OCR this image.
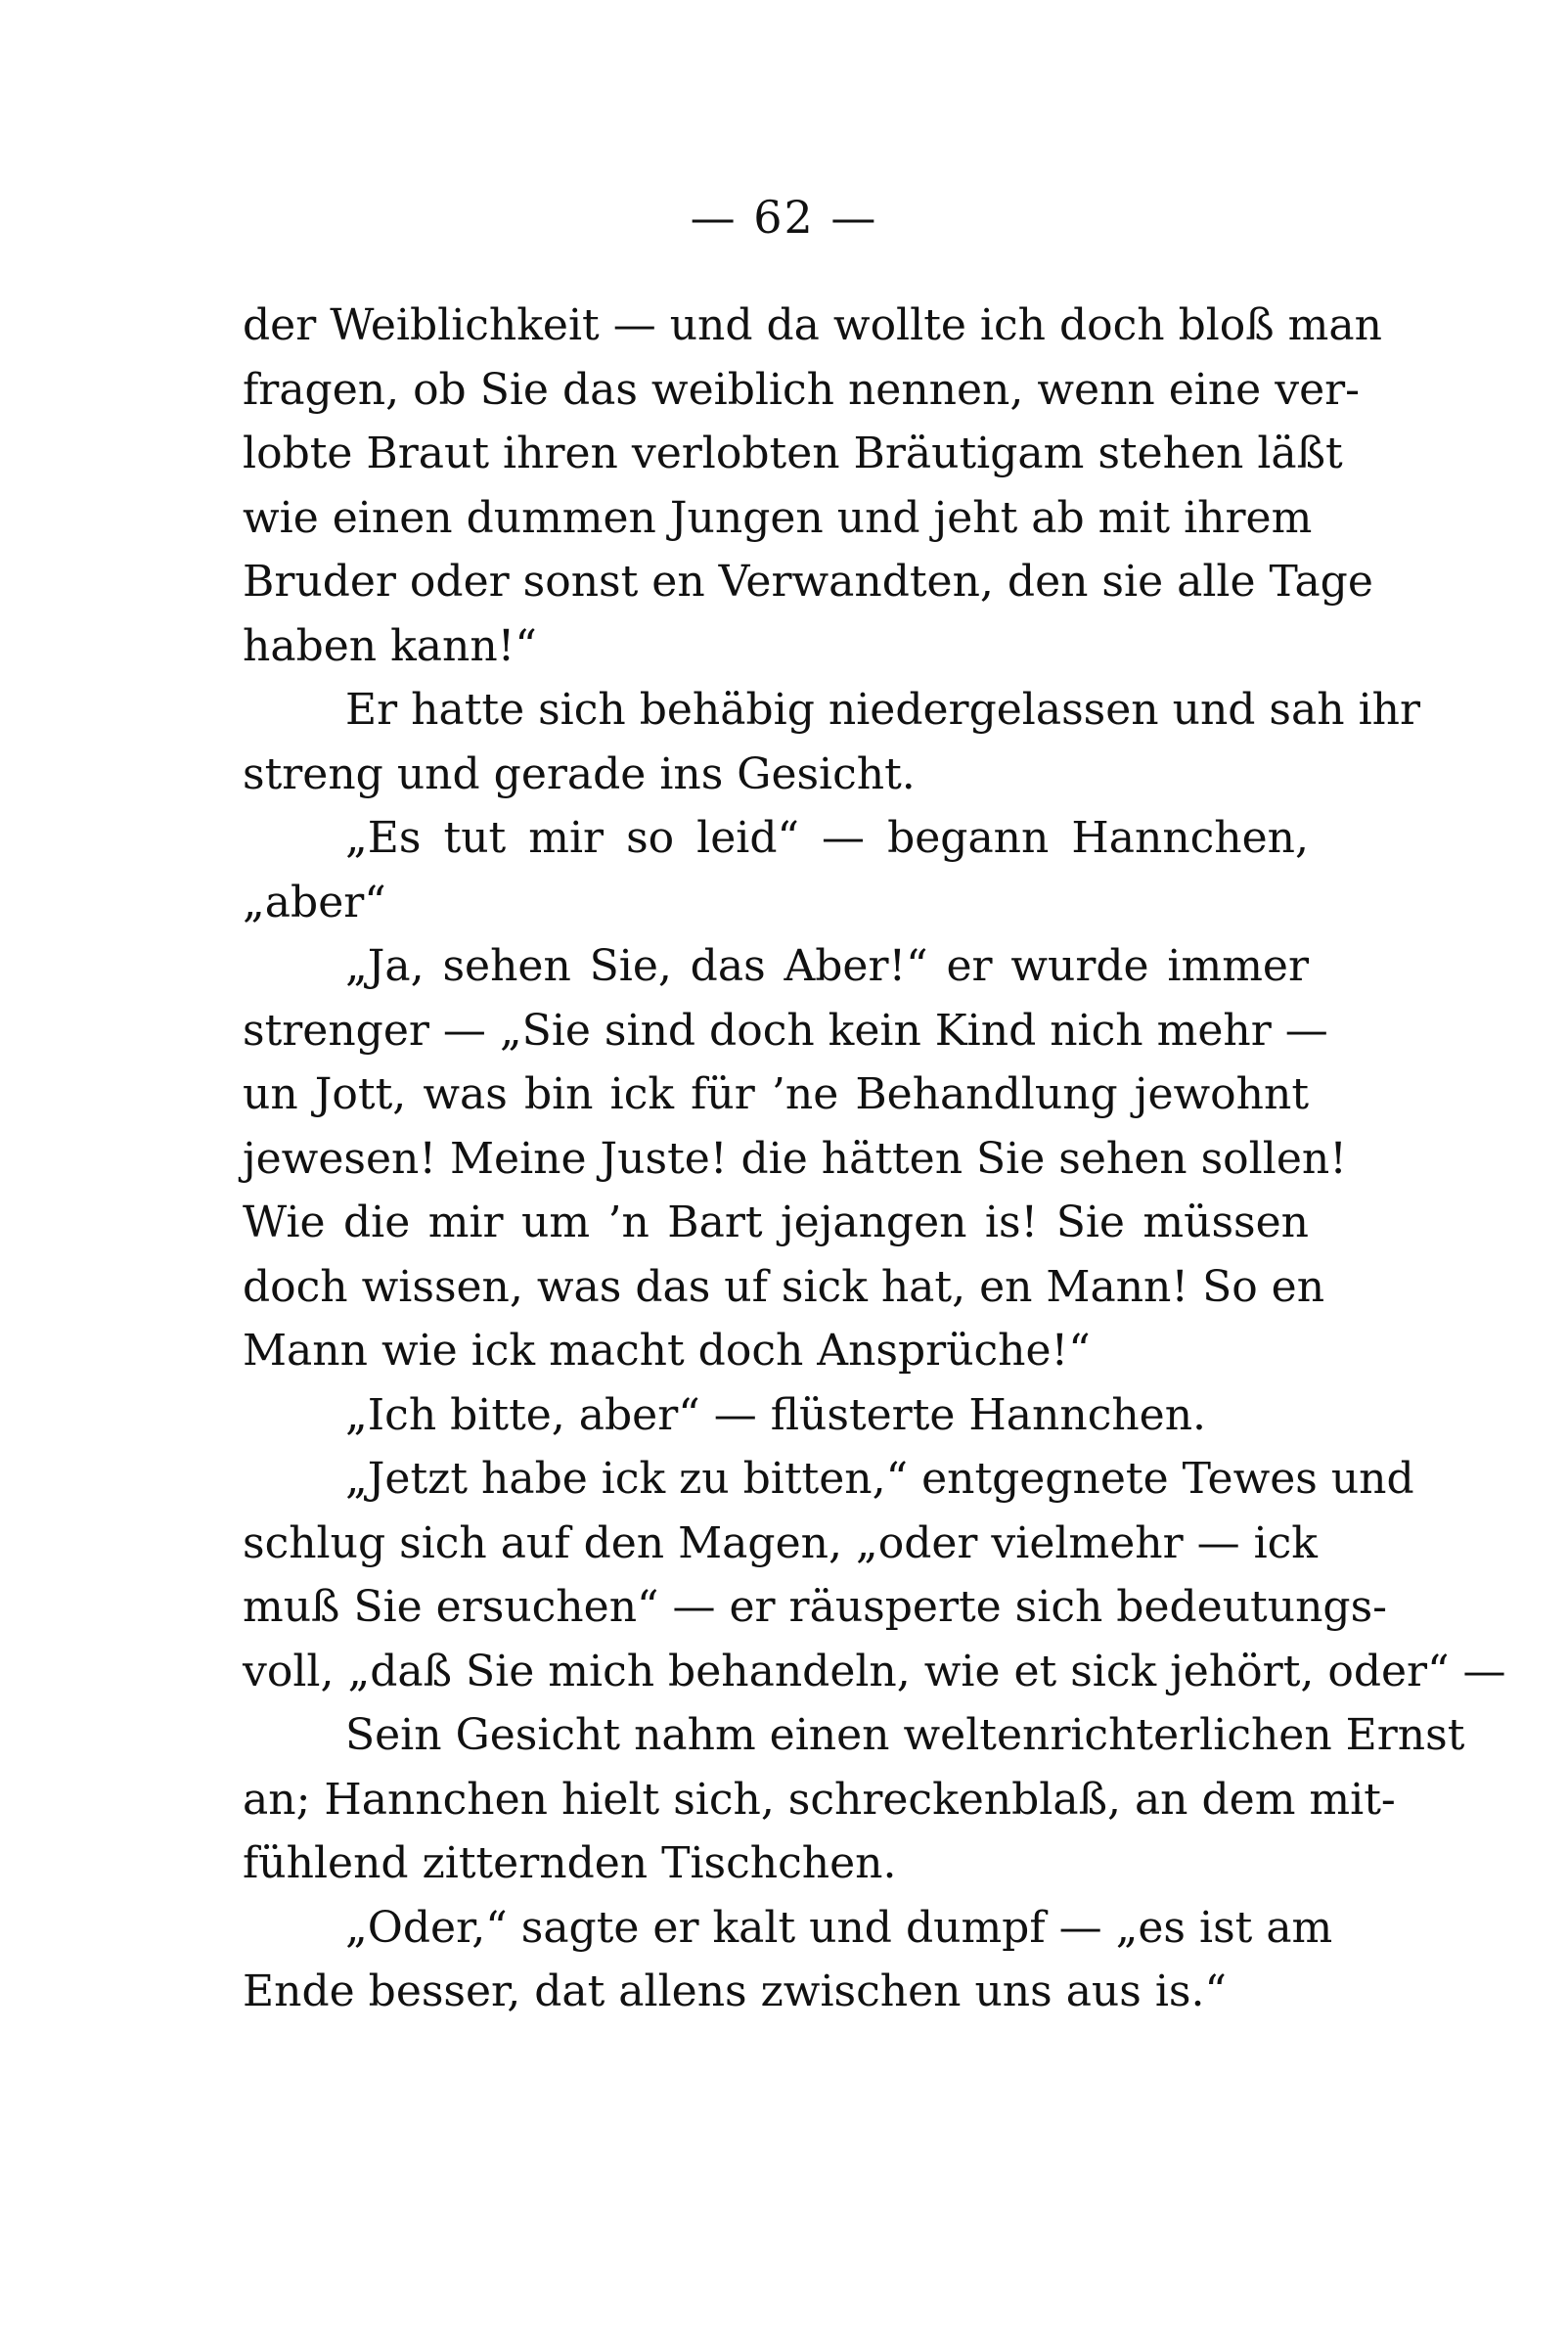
— 62 —
der Weiblichkeit — und da wollte ich doch bloß man
fragen, ob Sie das weiblich nennen, wenn eine ver-
lobte Braut ihren verlobten Bräutigam stehen läßt
wie einen dummen Jungen und jeht ab mit ihrem
Bruder oder sonst en Verwandten, den sie alle Tage
haben kann!“
Er hatte sich behäbig niedergelassen und sah ihr
streng und gerade ins Gesicht.
„Es tut mir so leid“ — begann Hannchen,
„aber“
„Ja, sehen Sie, das Aber!“ er wurde immer
strenger — „Sie sind doch kein Kind nich mehr —
un Jott, was bin ick für ’ne Behandlung jewohnt
jewesen! Meine Juste! die hätten Sie sehen sollen!
Wie die mir um ’n Bart jejangen is! Sie müssen
doch wissen, was das uf sick hat, en Mann! So en
Mann wie ick macht doch Ansprüche!“
„Ich bitte, aber“ — flüsterte Hannchen.
„Jetzt habe ick zu bitten,“ entgegnete Tewes und
schlug sich auf den Magen, „oder vielmehr — ick
muß Sie ersuchen“ — er räusperte sich bedeutungs-
voll, „daß Sie mich behandeln, wie et sick jehört, oder“ —
Sein Gesicht nahm einen weltenrichterlichen Ernst
an; Hannchen hielt sich, schreckenblaß, an dem mit-
fühlend zitternden Tischchen.
„Oder,“ sagte er kalt und dumpf — „es ist am
Ende besser, dat allens zwischen uns aus is.“
